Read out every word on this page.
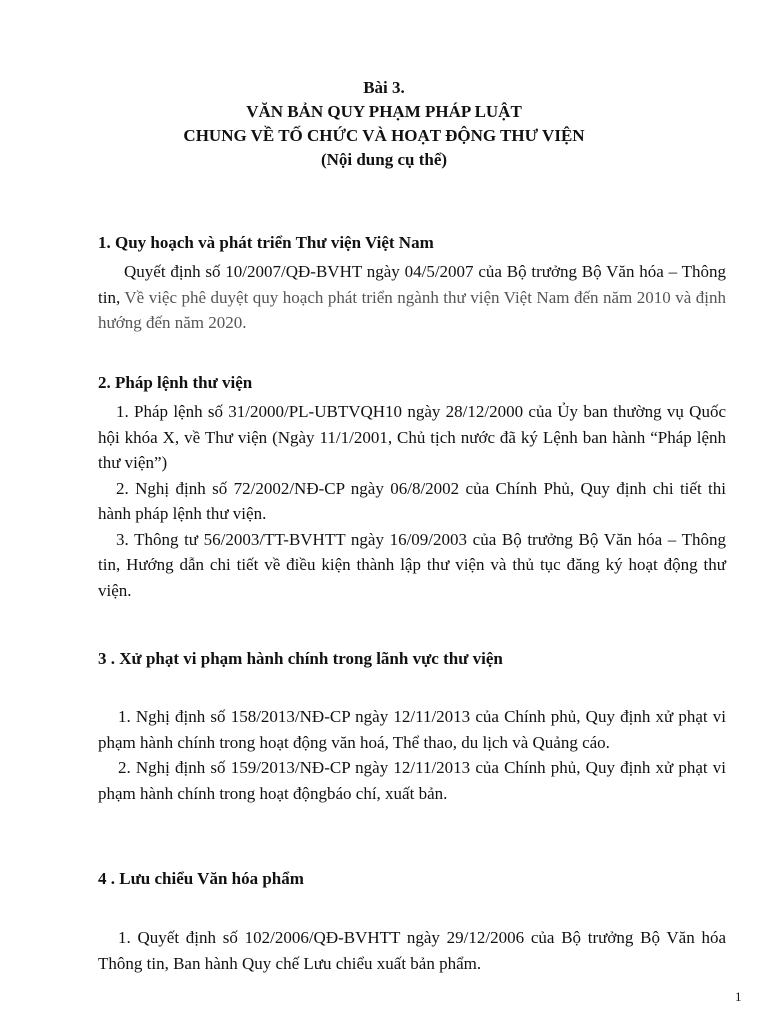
Bài 3.
VĂN BẢN QUY PHẠM PHÁP LUẬT
CHUNG VỀ TỐ CHỨC VÀ HOẠT ĐỘNG THƯ VIỆN
(Nội dung cụ thể)
1. Quy hoạch và phát triển Thư viện Việt Nam

Quyết định số 10/2007/QĐ-BVHT ngày 04/5/2007 của Bộ trưởng Bộ Văn hóa – Thông tin, Về việc phê duyệt quy hoạch phát triển ngành thư viện Việt Nam đến năm 2010 và định hướng đến năm 2020.

2. Pháp lệnh thư viện

1. Pháp lệnh số 31/2000/PL-UBTVQH10 ngày 28/12/2000 của Ủy ban thường vụ Quốc hội khóa X, về Thư viện (Ngày 11/1/2001, Chủ tịch nước đã ký Lệnh ban hành “Pháp lệnh thư viện”)

2. Nghị định số 72/2002/NĐ-CP ngày 06/8/2002 của Chính Phủ, Quy định chi tiết thi hành pháp lệnh thư viện.

3. Thông tư 56/2003/TT-BVHTT ngày 16/09/2003 của Bộ trưởng Bộ Văn hóa – Thông tin, Hướng dẫn chi tiết về điều kiện thành lập thư viện và thủ tục đăng ký hoạt động thư viện.

3 . Xử phạt vi phạm hành chính trong lãnh vực thư viện

1. Nghị định số 158/2013/NĐ-CP ngày 12/11/2013 của Chính phủ, Quy định xử phạt vi phạm hành chính trong hoạt động văn hoá, Thể thao, du lịch và Quảng cáo.

2. Nghị định số 159/2013/NĐ-CP ngày 12/11/2013 của Chính phủ, Quy định xử phạt vi phạm hành chính trong hoạt độngbáo chí, xuất bản.

4 . Lưu chiểu Văn hóa phẩm

1. Quyết định số 102/2006/QĐ-BVHTT ngày 29/12/2006 của Bộ trưởng Bộ Văn hóa Thông tin, Ban hành Quy chế Lưu chiểu xuất bản phẩm.

1
